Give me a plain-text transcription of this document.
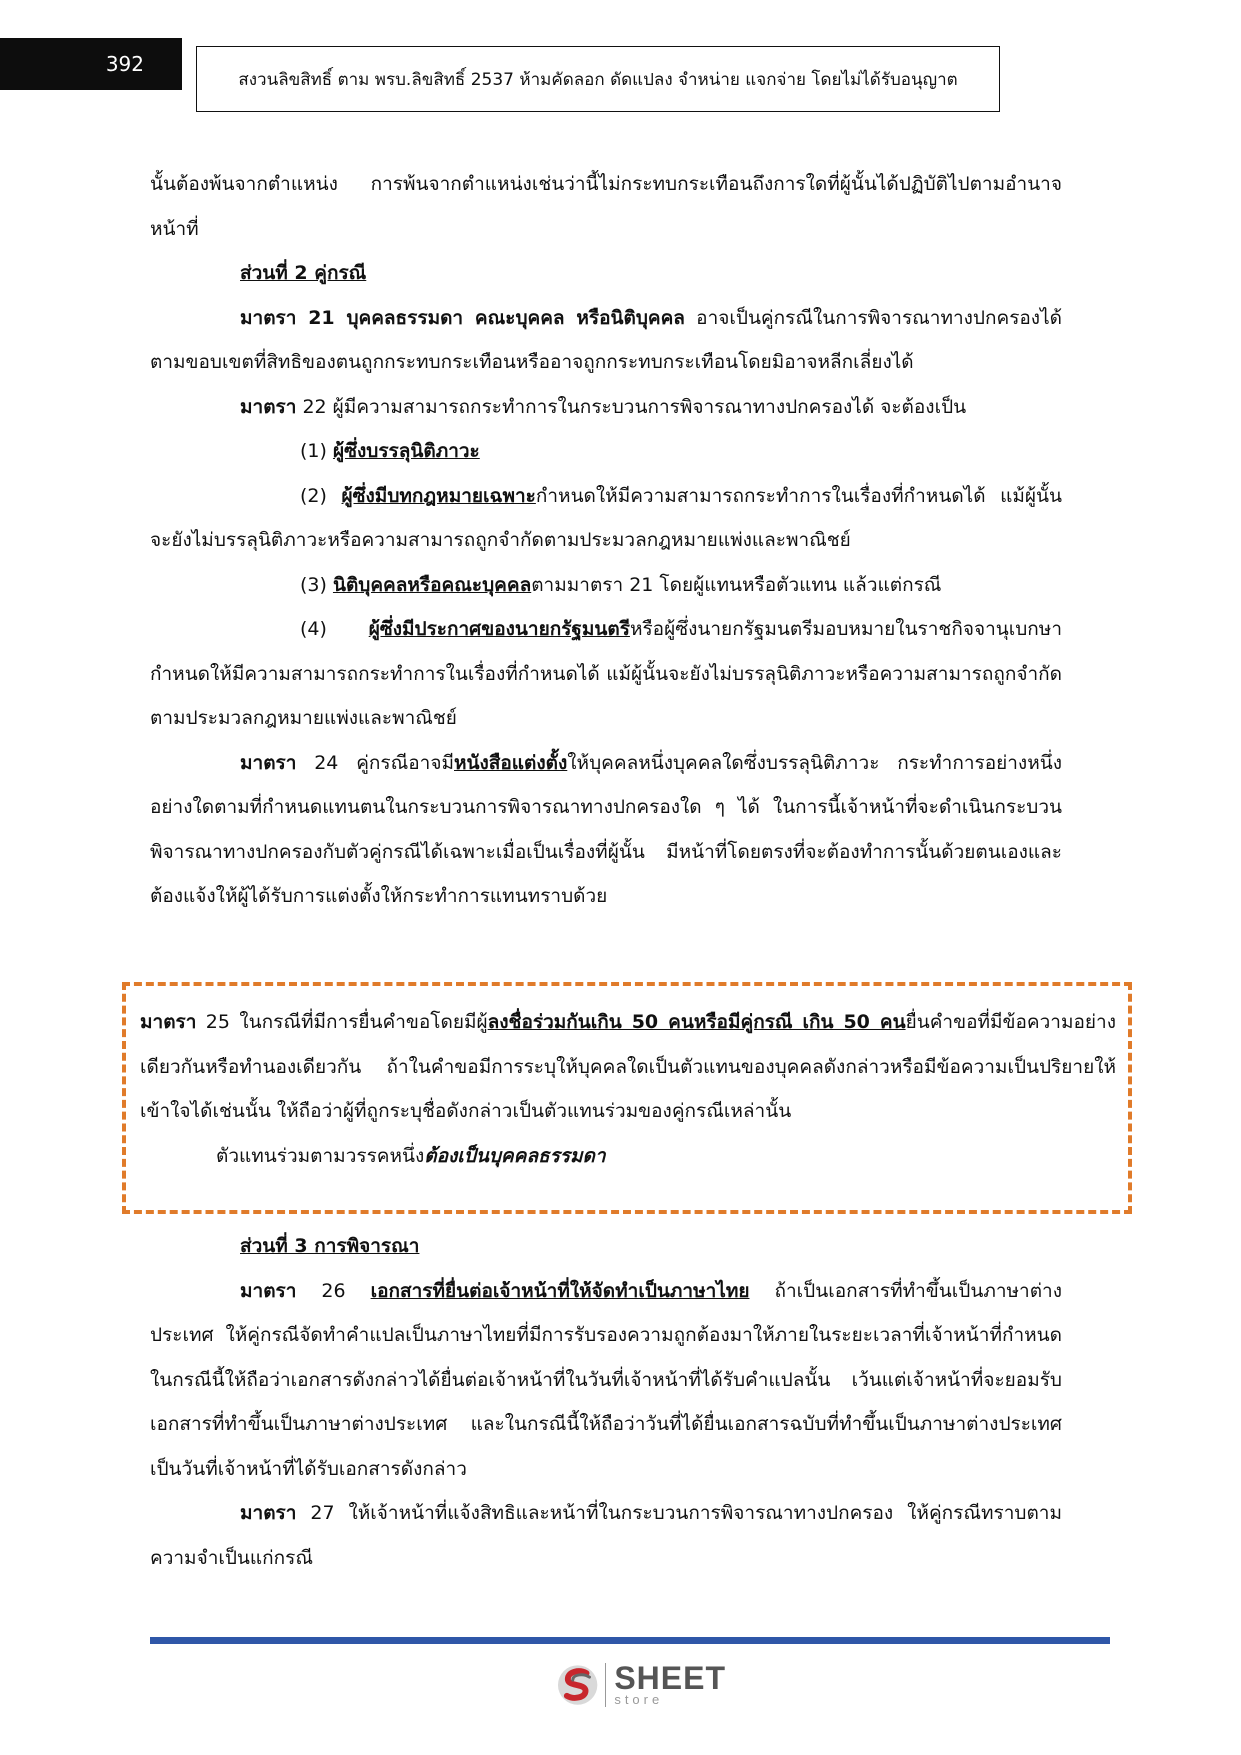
392
สงวนลิขสิทธิ์ ตาม พรบ.ลิขสิทธิ์ 2537 ห้ามคัดลอก ดัดแปลง จำหน่าย แจกจ่าย โดยไม่ได้รับอนุญาต

นั้นต้องพ้นจากตำแหน่ง การพ้นจากตำแหน่งเช่นว่านี้ไม่กระทบกระเทือนถึงการใดที่ผู้นั้นได้ปฏิบัติไปตามอำนาจหน้าที่

ส่วนที่ 2 คู่กรณี

มาตรา 21 บุคคลธรรมดา คณะบุคคล หรือนิติบุคคล อาจเป็นคู่กรณีในการพิจารณาทางปกครองได้ตามขอบเขตที่สิทธิของตนถูกกระทบกระเทือนหรืออาจถูกกระทบกระเทือนโดยมิอาจหลีกเลี่ยงได้

มาตรา 22 ผู้มีความสามารถกระทำการในกระบวนการพิจารณาทางปกครองได้ จะต้องเป็น

(1) ผู้ซึ่งบรรลุนิติภาวะ

(2) ผู้ซึ่งมีบทกฎหมายเฉพาะกำหนดให้มีความสามารถกระทำการในเรื่องที่กำหนดได้ แม้ผู้นั้นจะยังไม่บรรลุนิติภาวะหรือความสามารถถูกจำกัดตามประมวลกฎหมายแพ่งและพาณิชย์

(3) นิติบุคคลหรือคณะบุคคลตามมาตรา 21 โดยผู้แทนหรือตัวแทน แล้วแต่กรณี

(4) ผู้ซึ่งมีประกาศของนายกรัฐมนตรีหรือผู้ซึ่งนายกรัฐมนตรีมอบหมายในราชกิจจานุเบกษากำหนดให้มีความสามารถกระทำการในเรื่องที่กำหนดได้ แม้ผู้นั้นจะยังไม่บรรลุนิติภาวะหรือความสามารถถูกจำกัดตามประมวลกฎหมายแพ่งและพาณิชย

มาตรา 24 คู่กรณีอาจมีหนังสือแต่งตั้งให้บุคคลหนึ่งบุคคลใดซึ่งบรรลุนิติภาวะ กระทำการอย่างหนึ่งอย่างใดตามที่กำหนดแทนตนในกระบวนการพิจารณาทางปกครองใด ๆ ได้ ในการนี้เจ้าหน้าที่จะดำเนินกระบวนพิจารณาทางปกครองกับตัวคู่กรณีได้เฉพาะเมื่อเป็นเรื่องที่ผู้นั้น มีหน้าที่โดยตรงที่จะต้องทำการนั้นด้วยตนเองและต้องแจ้งให้ผู้ได้รับการแต่งตั้งให้กระทำการแทนทราบด้วย

มาตรา 25 ในกรณีที่มีการยื่นคำขอโดยมีผู้ลงชื่อร่วมกันเกิน 50 คนหรือมีคู่กรณี เกิน 50 คนยื่นคำขอที่มีข้อความอย่างเดียวกันหรือทำนองเดียวกัน ถ้าในคำขอมีการระบุให้บุคคลใดเป็นตัวแทนของบุคคลดังกล่าวหรือมีข้อความเป็นปริยายให้เข้าใจได้เช่นนั้น ให้ถือว่าผู้ที่ถูกระบุชื่อดังกล่าวเป็นตัวแทนร่วมของคู่กรณีเหล่านั้น

ตัวแทนร่วมตามวรรคหนึ่งต้องเป็นบุคคลธรรมดา

ส่วนที่ 3 การพิจารณา

มาตรา 26 เอกสารที่ยื่นต่อเจ้าหน้าที่ให้จัดทำเป็นภาษาไทย ถ้าเป็นเอกสารที่ทำขึ้นเป็นภาษาต่างประเทศ ให้คู่กรณีจัดทำคำแปลเป็นภาษาไทยที่มีการรับรองความถูกต้องมาให้ภายในระยะเวลาที่เจ้าหน้าที่กำหนด ในกรณีนี้ให้ถือว่าเอกสารดังกล่าวได้ยื่นต่อเจ้าหน้าที่ในวันที่เจ้าหน้าที่ได้รับคำแปลนั้น เว้นแต่เจ้าหน้าที่จะยอมรับเอกสารที่ทำขึ้นเป็นภาษาต่างประเทศ และในกรณีนี้ให้ถือว่าวันที่ได้ยื่นเอกสารฉบับที่ทำขึ้นเป็นภาษาต่างประเทศเป็นวันที่เจ้าหน้าที่ได้รับเอกสารดังกล่าว

มาตรา 27 ให้เจ้าหน้าที่แจ้งสิทธิและหน้าที่ในกระบวนการพิจารณาทางปกครอง ให้คู่กรณีทราบตามความจำเป็นแก่กรณี

SHEET
store
